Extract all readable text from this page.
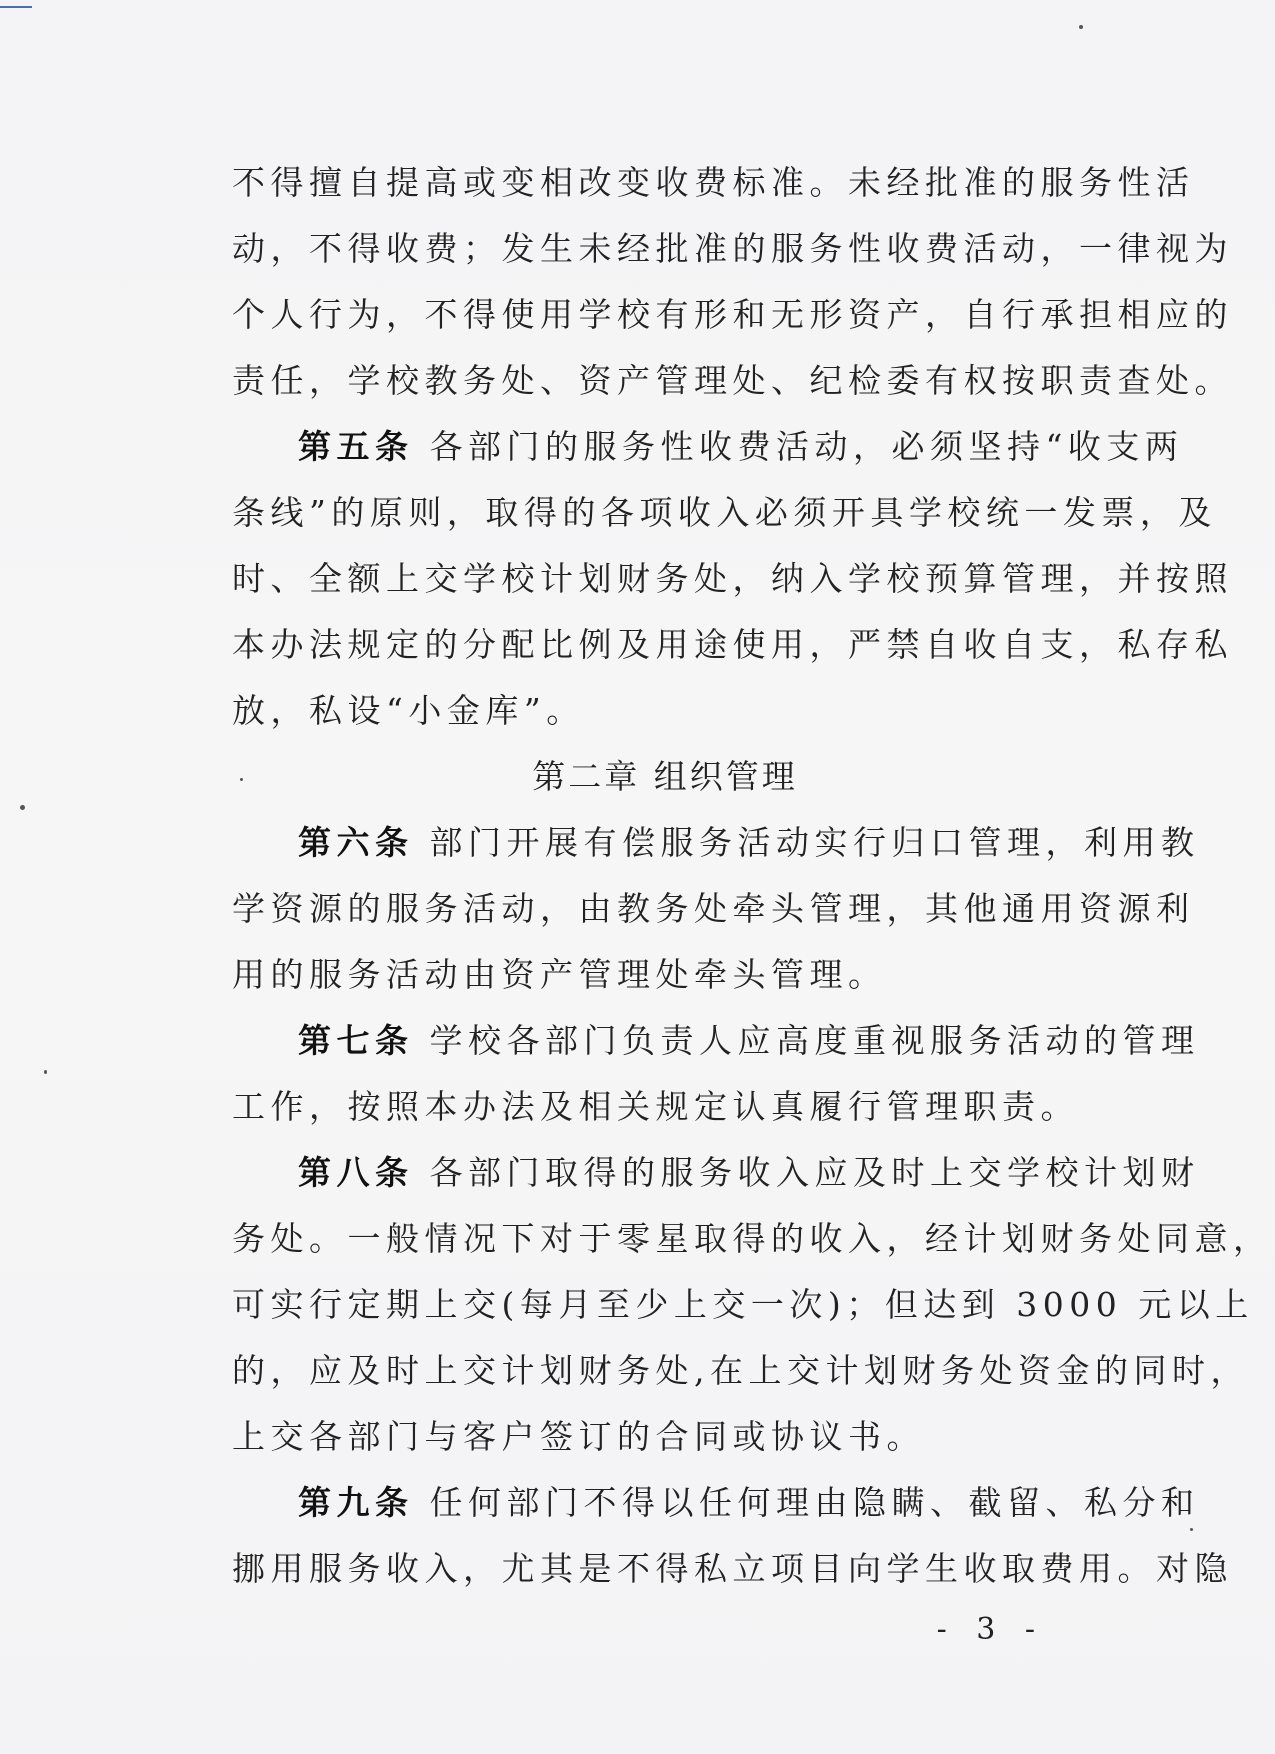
不得擅自提高或变相改变收费标准。未经批准的服务性活
动，不得收费；发生未经批准的服务性收费活动，一律视为
个人行为，不得使用学校有形和无形资产，自行承担相应的
责任，学校教务处、资产管理处、纪检委有权按职责查处。
第五条 各部门的服务性收费活动，必须坚持“收支两
条线”的原则，取得的各项收入必须开具学校统一发票，及
时、全额上交学校计划财务处，纳入学校预算管理，并按照
本办法规定的分配比例及用途使用，严禁自收自支，私存私
放，私设“小金库”。
第二章 组织管理
第六条 部门开展有偿服务活动实行归口管理，利用教
学资源的服务活动，由教务处牵头管理，其他通用资源利
用的服务活动由资产管理处牵头管理。
第七条 学校各部门负责人应高度重视服务活动的管理
工作，按照本办法及相关规定认真履行管理职责。
第八条 各部门取得的服务收入应及时上交学校计划财
务处。一般情况下对于零星取得的收入，经计划财务处同意，
可实行定期上交(每月至少上交一次)；但达到 3000 元以上
的，应及时上交计划财务处,在上交计划财务处资金的同时，
上交各部门与客户签订的合同或协议书。
第九条 任何部门不得以任何理由隐瞒、截留、私分和
挪用服务收入，尤其是不得私立项目向学生收取费用。对隐
- 3 -
